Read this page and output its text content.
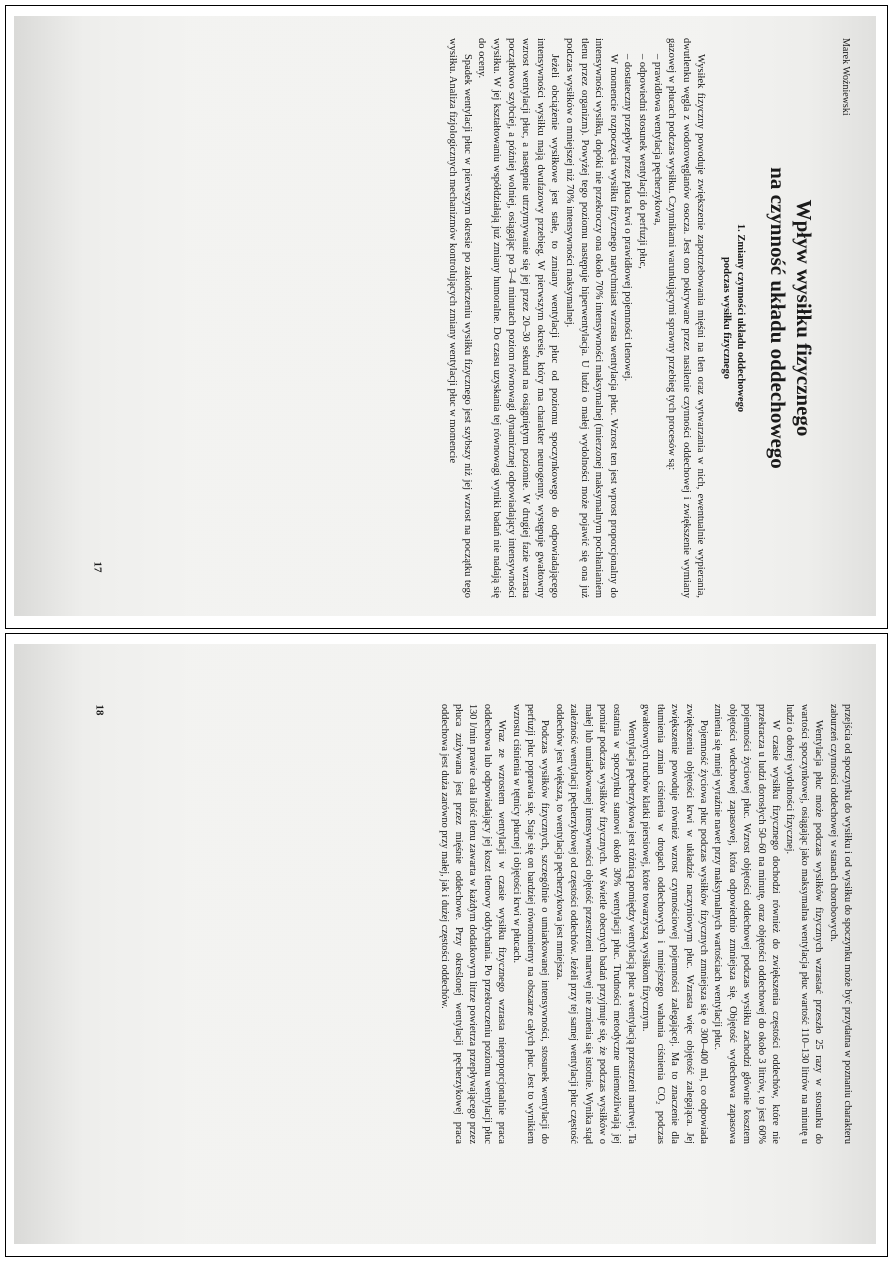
Marek Woźniewski

Wpływ wysiłku fizycznego
na czynność układu oddechowego
1. Zmiany czynności układu oddechowego
podczas wysiłku fizycznego

Wysiłek fizyczny powoduje zwiększenie zapotrzebowania mięśni na tlen oraz wytwarzania w nich, ewentualnie wypierania, dwutlenku węgla z wodorowęglanów osocza. Jest ono pokrywane przez nasilenie czynności oddechowej i zwiększenie wymiany gazowej w płucach podczas wysiłku. Czynnikami warunkującymi sprawny przebieg tych procesów są:

– prawidłowa wentylacja pęcherzykowa,
– odpowiedni stosunek wentylacji do perfuzji płuc,
– dostateczny przepływ przez płuca krwi o prawidłowej pojemności tlenowej.

W momencie rozpoczęcia wysiłku fizycznego natychmiast wzrasta wentylacja płuc. Wzrost ten jest wprost proporcjonalny do intensywności wysiłku, dopóki nie przekroczy ona około 70% intensywności maksymalnej (mierzonej maksymalnym pochłanianiem tlenu przez organizm). Powyżej tego poziomu następuje hiperwentylacja. U ludzi o małej wydolności może pojawić się ona już podczas wysiłków o mniejszej niż 70% intensywności maksymalnej.

Jeżeli obciążenie wysiłkowe jest stałe, to zmiany wentylacji płuc od poziomu spoczynkowego do odpowiadającego intensywności wysiłku mają dwufazowy przebieg. W pierwszym okresie, który ma charakter neurogenny, występuje gwałtowny wzrost wentylacji płuc, a następnie utrzymywanie się jej przez 20–30 sekund na osiągniętym poziomie. W drugiej fazie wzrasta początkowo szybciej, a później wolniej, osiągając po 3–4 minutach poziom równowagi dynamicznej odpowiadający intensywności wysiłku. W jej kształtowaniu współdziałają już zmiany humoralne. Do czasu uzyskania tej równowagi wyniki badań nie nadają się do oceny.

Spadek wentylacji płuc w pierwszym okresie po zakończeniu wysiłku fizycznego jest szybszy niż jej wzrost na początku tego wysiłku. Analiza fizjologicznych mechanizmów kontrolujących zmiany wentylacji płuc w momencie

17

przejścia od spoczynku do wysiłku i od wysiłku do spoczynku może być przydatna w poznaniu charakteru zaburzeń czynności oddechowej w stanach chorobowych.

Wentylacja płuc może podczas wysiłków fizycznych wzrastać przeszło 25 razy w stosunku do wartości spoczynkowej, osiągając jako maksymalna wentylacja płuc wartość 110–130 litrów na minutę u ludzi o dobrej wydolności fizycznej.

W czasie wysiłku fizycznego dochodzi również do zwiększenia częstości oddechów, które nie przekracza u ludzi dorosłych 50–60 na minutę, oraz objętości oddechowej do około 3 litrów, to jest 60% pojemności życiowej płuc. Wzrost objętości oddechowej podczas wysiłku zachodzi głównie kosztem objętości wdechowej zapasowej, która odpowiednio zmniejsza się. Objętość wydechowa zapasowa zmienia się mniej wyraźnie nawet przy maksymalnych wartościach wentylacji płuc.

Pojemność życiowa płuc podczas wysiłków fizycznych zmniejsza się o 300–400 ml, co odpowiada zwiększeniu objętości krwi w układzie naczyniowym płuc. Wzrasta więc objętość zalegająca. Jej zwiększenie powoduje również wzrost czynnościowej pojemności zalegającej. Ma to znaczenie dla tłumienia zmian ciśnienia w drogach oddechowych i mniejszego wahania ciśnienia CO₂ podczas gwałtownych ruchów klatki piersiowej, które towarzyszą wysiłkom fizycznym.

Wentylacja pęcherzykowa jest różnicą pomiędzy wentylacją płuc a wentylacją przestrzeni martwej. Ta ostatnia w spoczynku stanowi około 30% wentylacji płuc. Trudności metodyczne uniemożliwiają jej pomiar podczas wysiłków fizycznych. W świetle obecnych badań przyjmuje się, że podczas wysiłków o małej lub umiarkowanej intensywności objętość przestrzeni martwej nie zmienia się istotnie. Wynika stąd zależność wentylacji pęcherzykowej od częstości oddechów. Jeżeli przy tej samej wentylacji płuc częstość oddechów jest większa, to wentylacja pęcherzykowa jest mniejsza.

Podczas wysiłków fizycznych, szczególnie o umiarkowanej intensywności, stosunek wentylacji do perfuzji płuc poprawia się. Staje się on bardziej równomierny na obszarze całych płuc. Jest to wynikiem wzrostu ciśnienia w tętnicy płucnej i objętości krwi w płucach.

Wraz ze wzrostem wentylacji w czasie wysiłku fizycznego wzrasta nieproporcjonalnie praca oddechowa lub odpowiadający jej koszt tlenowy oddychania. Po przekroczeniu poziomu wentylacji płuc 130 l/min prawie cała ilość tlenu zawarta w każdym dodatkowym litrze powietrza przepływającego przez płuca zużywana jest przez mięśnie oddechowe. Przy określonej wentylacji pęcherzykowej praca oddechowa jest duża zarówno przy małej, jak i dużej częstości oddechów.

18
